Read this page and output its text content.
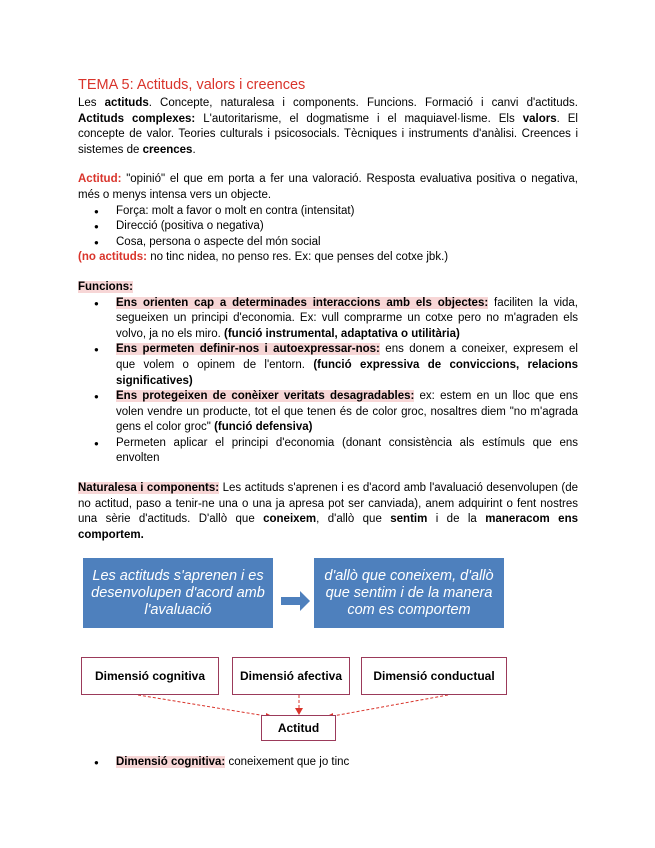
TEMA 5: Actituds, valors i creences

Les actituds. Concepte, naturalesa i components. Funcions. Formació i canvi d'actituds. Actituds complexes: L'autoritarisme, el dogmatisme i el maquiavel·lisme. Els valors. El concepte de valor. Teories culturals i psicosocials. Tècniques i instruments d'anàlisi. Creences i sistemes de creences.

Actitud: "opinió" el que em porta a fer una valoració. Resposta evaluativa positiva o negativa, més o menys intensa vers un objecte.

● Força: molt a favor o molt en contra (intensitat)
● Direcció (positiva o negativa)
● Cosa, persona o aspecte del món social

(no actituds: no tinc nidea, no penso res. Ex: que penses del cotxe jbk.)

Funcions:

● Ens orienten cap a determinades interaccions amb els objectes: faciliten la vida, segueixen un principi d'economia. Ex: vull comprarme un cotxe pero no m'agraden els volvo, ja no els miro. (funció instrumental, adaptativa o utilitària)
● Ens permeten definir-nos i autoexpressar-nos: ens donem a coneixer, expresem el que volem o opinem de l'entorn. (funció expressiva de conviccions, relacions significatives)
● Ens protegeixen de conèixer veritats desagradables: ex: estem en un lloc que ens volen vendre un producte, tot el que tenen és de color groc, nosaltres diem "no m'agrada gens el color groc" (funció defensiva)
● Permeten aplicar el principi d'economia (donant consistència als estímuls que ens envolten

Naturalesa i components: Les actituds s'aprenen i es d'acord amb l'avaluació desenvolupen (de no actitud, paso a tenir-ne una o una ja apresa pot ser canviada), anem adquirint o fent nostres una sèrie d'actituds. D'allò que coneixem, d'allò que sentim i de la maneracom ens comportem.

Les actituds s'aprenen i es desenvolupen d'acord amb l'avaluació
d'allò que coneixem, d'allò que sentim i de la manera com es comportem
Dimensió cognitiva	Dimensió afectiva	Dimensió conductual
Actitud
● Dimensió cognitiva: coneixement que jo tinc
